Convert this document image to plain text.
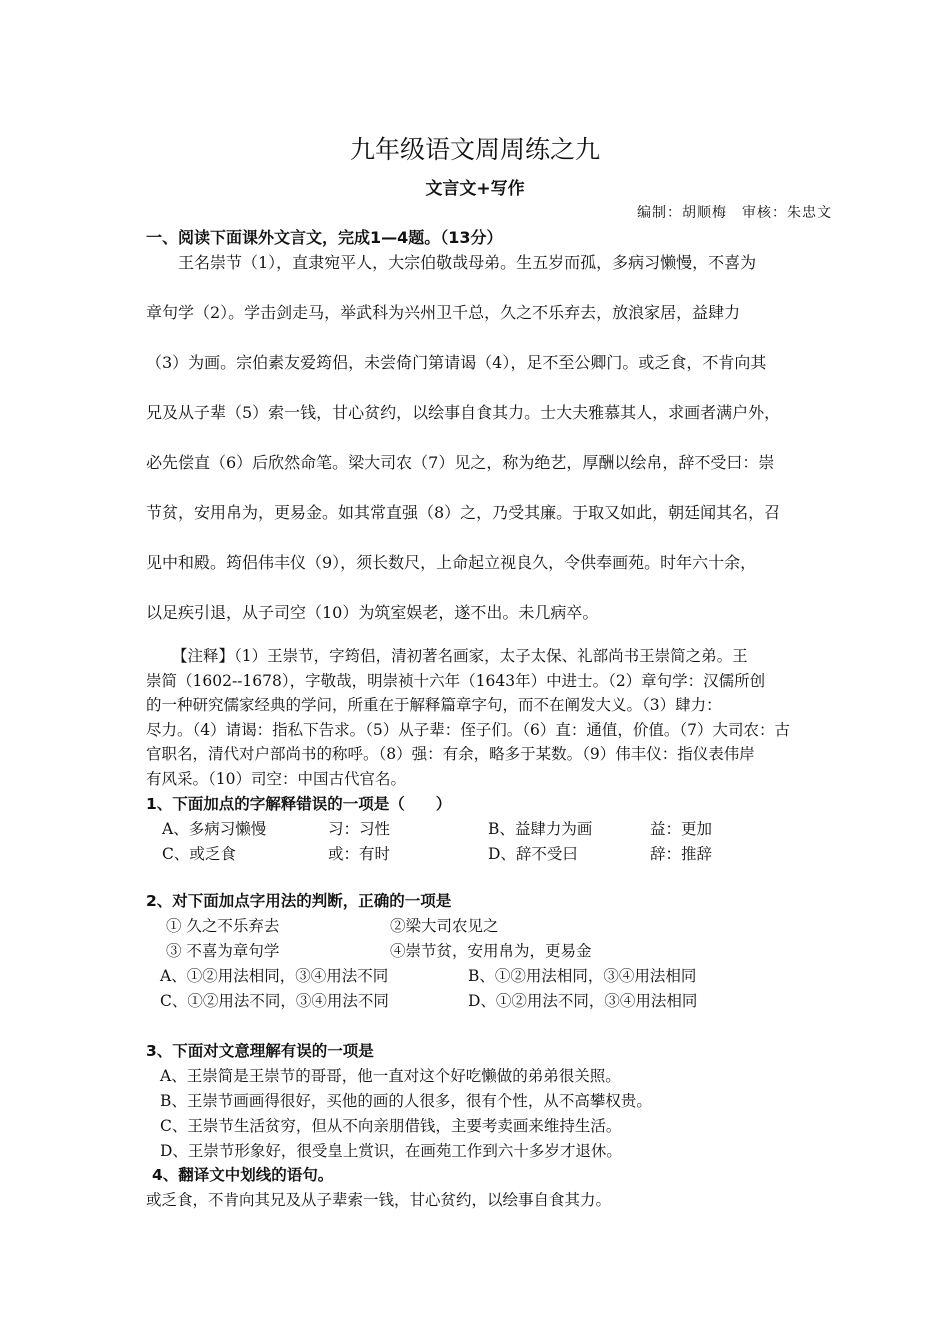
九年级语文周周练之九
文言文+写作
编制：胡顺梅　审核：朱忠文
一、阅读下面课外文言文，完成1—4题。（13分）
王名崇节（1），直隶宛平人，大宗伯敬哉母弟。生五岁而孤，多病习懒慢，不喜为
章句学（2）。学击剑走马，举武科为兴州卫千总，久之不乐弃去，放浪家居，益肆力
（3）为画。宗伯素友爱筠侣，未尝倚门第请谒（4），足不至公卿门。或乏食，不肯向其
兄及从子辈（5）索一钱，甘心贫约，以绘事自食其力。士大夫雅慕其人，求画者满户外，
必先偿直（6）后欣然命笔。梁大司农（7）见之，称为绝艺，厚酬以绘帛，辞不受曰：崇
节贫，安用帛为，更易金。如其常直强（8）之，乃受其廉。于取又如此，朝廷闻其名，召
见中和殿。筠侣伟丰仪（9），须长数尺，上命起立视良久，令供奉画苑。时年六十余，
以足疾引退，从子司空（10）为筑室娱老，遂不出。未几病卒。
【注释】（1）王崇节，字筠侣，清初著名画家，太子太保、礼部尚书王崇简之弟。王
崇简（1602--1678），字敬哉，明崇祯十六年（1643年）中进士。（2）章句学：汉儒所创
的一种研究儒家经典的学问，所重在于解释篇章字句，而不在阐发大义。（3）肆力：
尽力。（4）请谒：指私下告求。（5）从子辈：侄子们。（6）直：通值，价值。（7）大司农：古
官职名，清代对户部尚书的称呼。（8）强：有余，略多于某数。（9）伟丰仪：指仪表伟岸
有风采。（10）司空：中国古代官名。
1、下面加点的字解释错误的一项是（　　）
A、多病习懒慢	习：习性	B、益肆力为画	益：更加
C、或乏食	或：有时	D、辞不受曰	辞：推辞
2、对下面加点字用法的判断，正确的一项是
① 久之不乐弃去	②梁大司农见之
③ 不喜为章句学	④崇节贫，安用帛为，更易金
A、①②用法相同，③④用法不同	B、①②用法相同，③④用法相同
C、①②用法不同，③④用法不同	D、①②用法不同，③④用法相同
3、下面对文意理解有误的一项是
A、王崇简是王崇节的哥哥，他一直对这个好吃懒做的弟弟很关照。
B、王崇节画画得很好，买他的画的人很多，很有个性，从不高攀权贵。
C、王崇节生活贫穷，但从不向亲朋借钱，主要考卖画来维持生活。
D、王崇节形象好，很受皇上赏识，在画苑工作到六十多岁才退休。
4、翻译文中划线的语句。
或乏食，不肯向其兄及从子辈索一钱，甘心贫约，以绘事自食其力。
